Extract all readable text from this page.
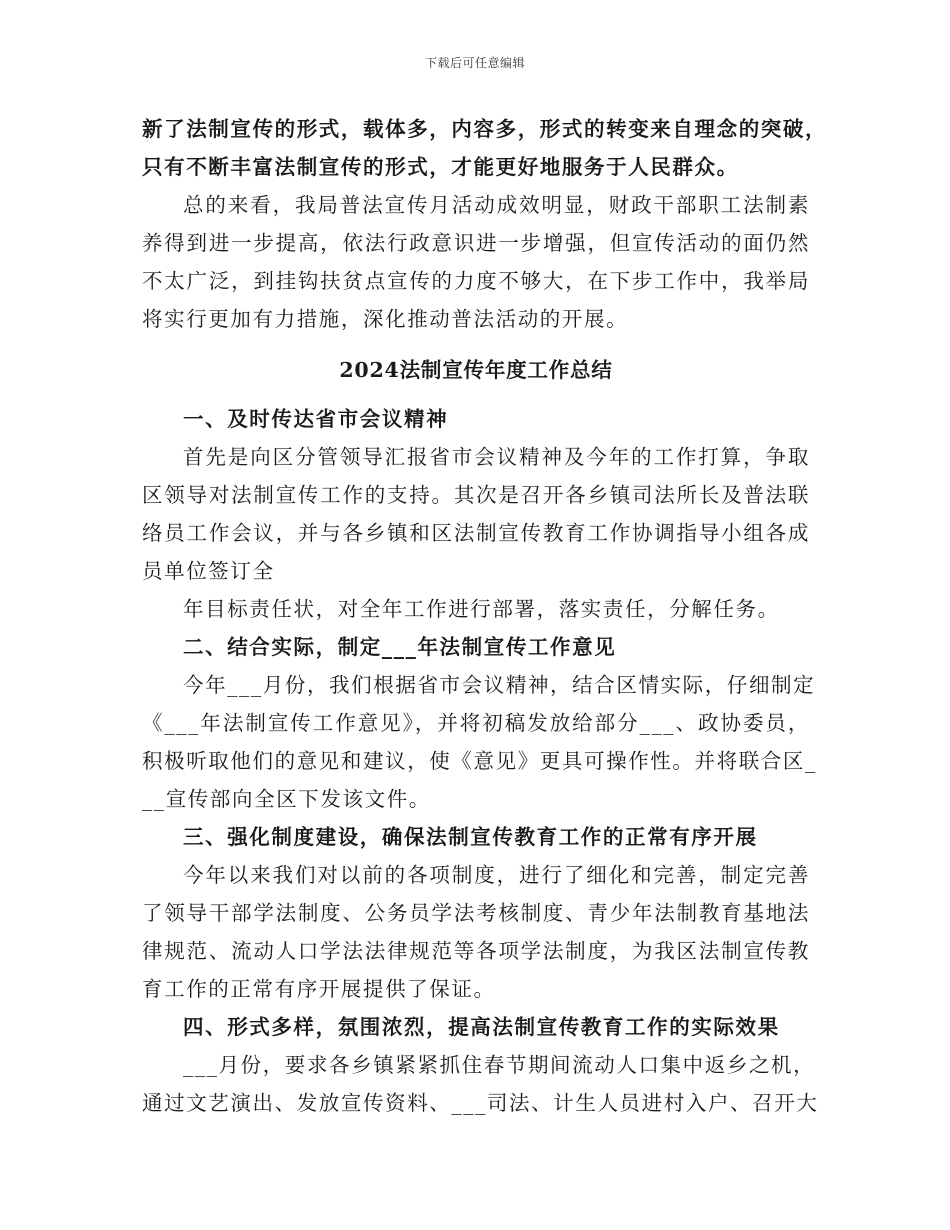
下载后可任意编辑
新了法制宣传的形式，载体多，内容多，形式的转变来自理念的突破，
只有不断丰富法制宣传的形式，才能更好地服务于人民群众。
总的来看，我局普法宣传月活动成效明显，财政干部职工法制素
养得到进一步提高，依法行政意识进一步增强，但宣传活动的面仍然
不太广泛，到挂钩扶贫点宣传的力度不够大，在下步工作中，我举局
将实行更加有力措施，深化推动普法活动的开展。
2024法制宣传年度工作总结
一、及时传达省市会议精神
首先是向区分管领导汇报省市会议精神及今年的工作打算，争取
区领导对法制宣传工作的支持。其次是召开各乡镇司法所长及普法联
络员工作会议，并与各乡镇和区法制宣传教育工作协调指导小组各成
员单位签订全
年目标责任状，对全年工作进行部署，落实责任，分解任务。
二、结合实际，制定___年法制宣传工作意见
今年___月份，我们根据省市会议精神，结合区情实际，仔细制定
《___年法制宣传工作意见》，并将初稿发放给部分___、政协委员，
积极听取他们的意见和建议，使《意见》更具可操作性。并将联合区_
__宣传部向全区下发该文件。
三、强化制度建设，确保法制宣传教育工作的正常有序开展
今年以来我们对以前的各项制度，进行了细化和完善，制定完善
了领导干部学法制度、公务员学法考核制度、青少年法制教育基地法
律规范、流动人口学法法律规范等各项学法制度，为我区法制宣传教
育工作的正常有序开展提供了保证。
四、形式多样，氛围浓烈，提高法制宣传教育工作的实际效果
___月份，要求各乡镇紧紧抓住春节期间流动人口集中返乡之机，
通过文艺演出、发放宣传资料、___司法、计生人员进村入户、召开大
